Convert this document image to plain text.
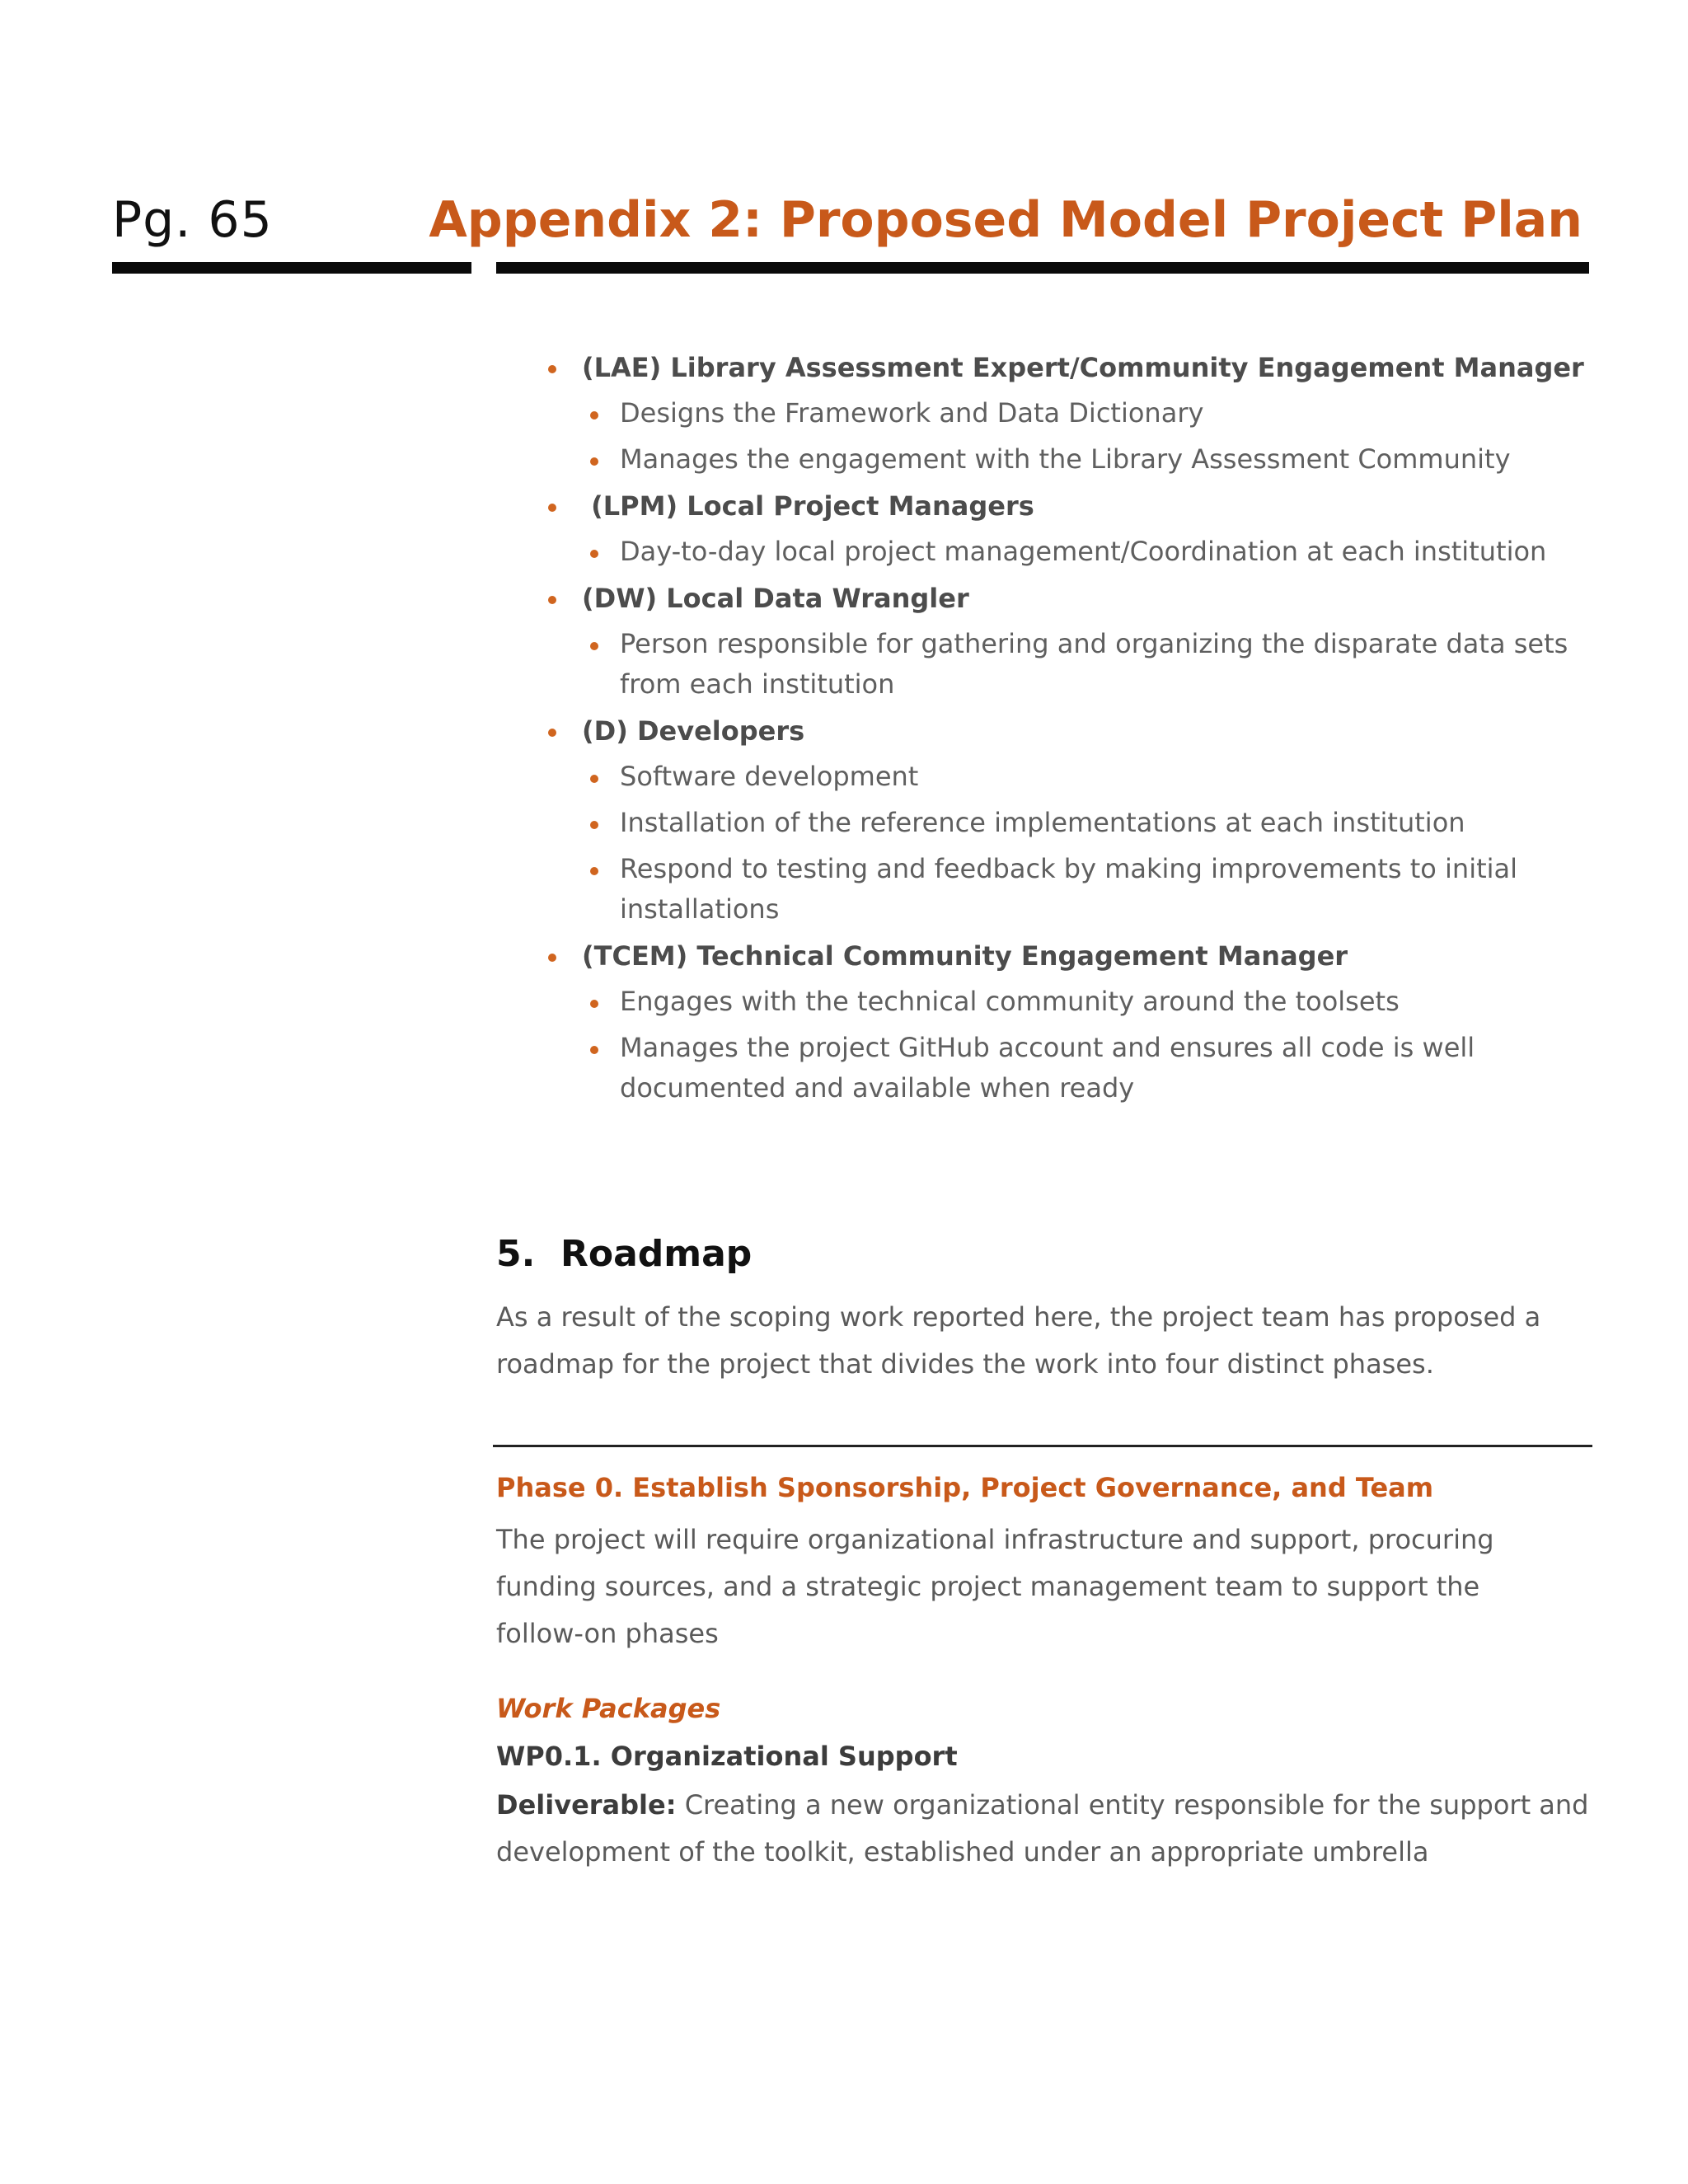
Pg. 65	Appendix 2: Proposed Model Project Plan
(LAE) Library Assessment Expert/Community Engagement Manager
Designs the Framework and Data Dictionary
Manages the engagement with the Library Assessment Community
(LPM) Local Project Managers
Day-to-day local project management/Coordination at each institution
(DW) Local Data Wrangler
Person responsible for gathering and organizing the disparate data sets from each institution
(D) Developers
Software development
Installation of the reference implementations at each institution
Respond to testing and feedback by making improvements to initial installations
(TCEM) Technical Community Engagement Manager
Engages with the technical community around the toolsets
Manages the project GitHub account and ensures all code is well documented and available when ready
5.  Roadmap
As a result of the scoping work reported here, the project team has proposed a roadmap for the project that divides the work into four distinct phases.
Phase 0. Establish Sponsorship, Project Governance, and Team
The project will require organizational infrastructure and support, procuring funding sources, and a strategic project management team to support the follow-on phases
Work Packages
WP0.1. Organizational Support
Deliverable: Creating a new organizational entity responsible for the support and development of the toolkit, established under an appropriate umbrella
